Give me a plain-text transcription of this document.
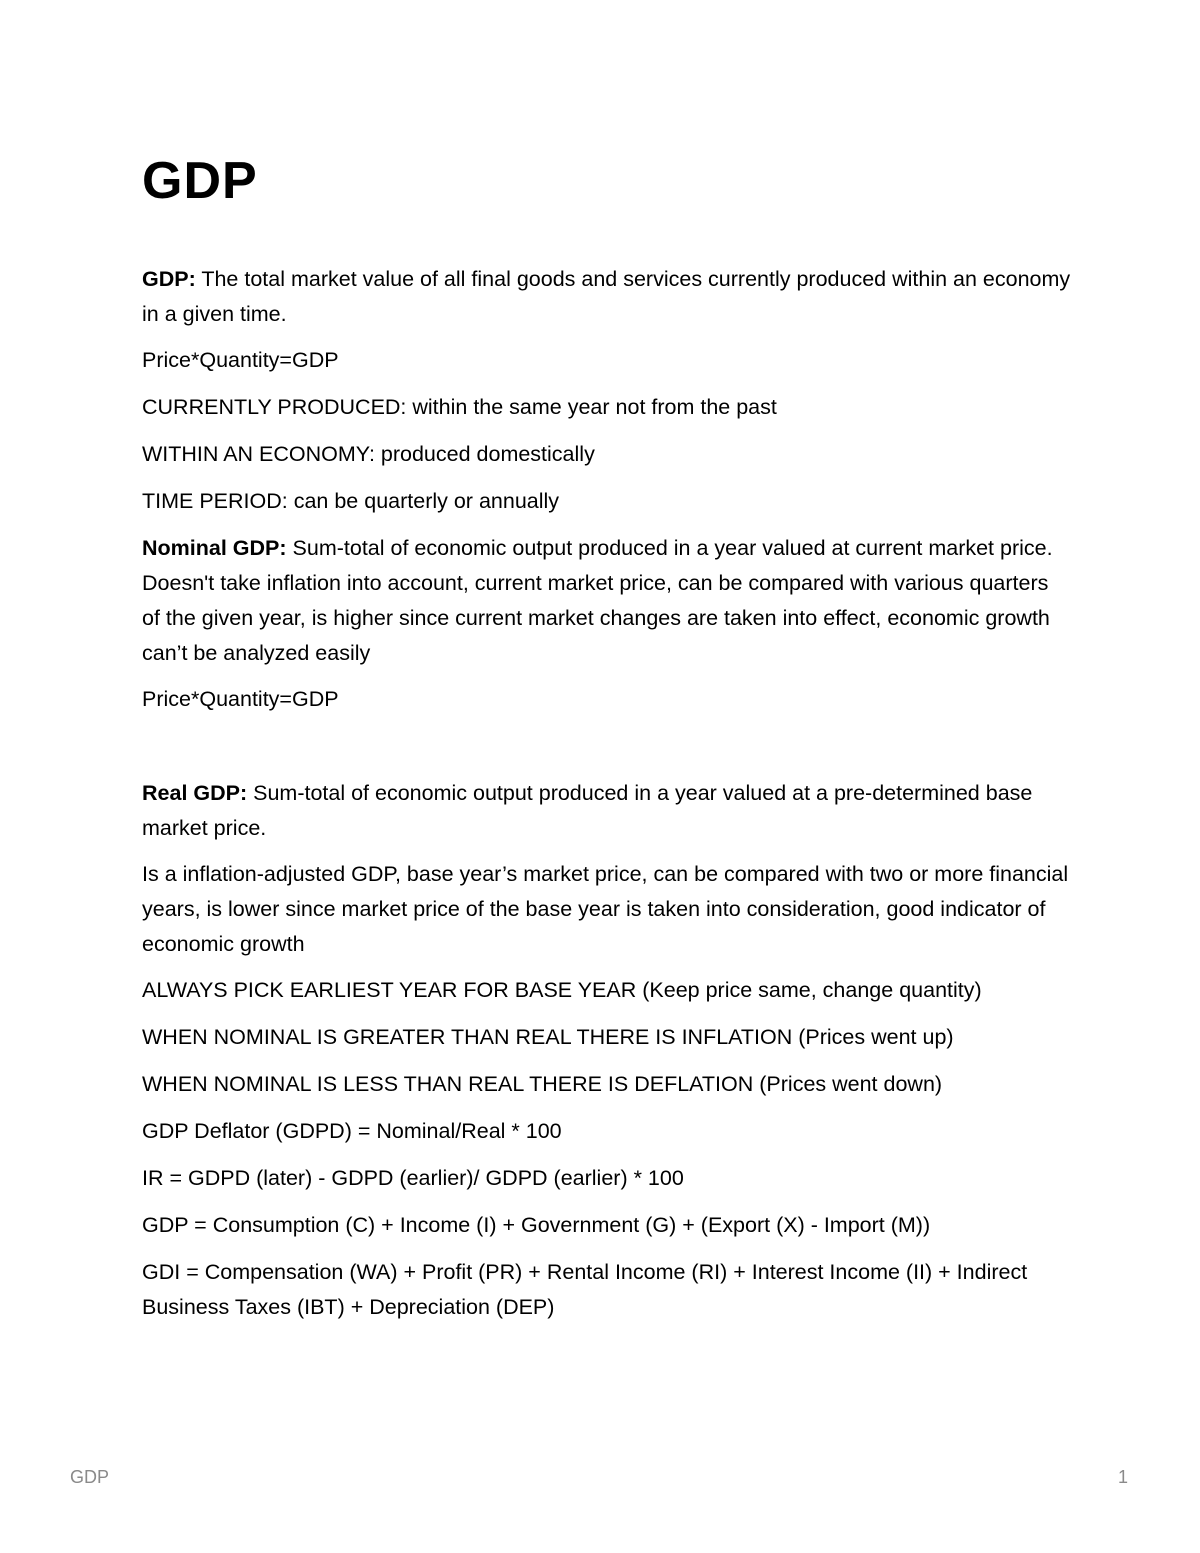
GDP

GDP: The total market value of all final goods and services currently produced within an economy in a given time.

Price*Quantity=GDP

CURRENTLY PRODUCED: within the same year not from the past

WITHIN AN ECONOMY: produced domestically

TIME PERIOD: can be quarterly or annually

Nominal GDP: Sum-total of economic output produced in a year valued at current market price. Doesn't take inflation into account, current market price, can be compared with various quarters of the given year, is higher since current market changes are taken into effect, economic growth can’t be analyzed easily

Price*Quantity=GDP

Real GDP: Sum-total of economic output produced in a year valued at a pre-determined base market price.

Is a inflation-adjusted GDP, base year’s market price, can be compared with two or more financial years, is lower since market price of the base year is taken into consideration, good indicator of economic growth

ALWAYS PICK EARLIEST YEAR FOR BASE YEAR (Keep price same, change quantity)

WHEN NOMINAL IS GREATER THAN REAL THERE IS INFLATION (Prices went up)

WHEN NOMINAL IS LESS THAN REAL THERE IS DEFLATION (Prices went down)

GDP Deflator (GDPD) = Nominal/Real * 100

IR = GDPD (later) - GDPD (earlier)/ GDPD (earlier) * 100

GDP = Consumption (C) + Income (I) + Government (G) + (Export (X) - Import (M))

GDI = Compensation (WA) + Profit (PR) + Rental Income (RI) + Interest Income (II) + Indirect Business Taxes (IBT) + Depreciation (DEP)

GDP	1
